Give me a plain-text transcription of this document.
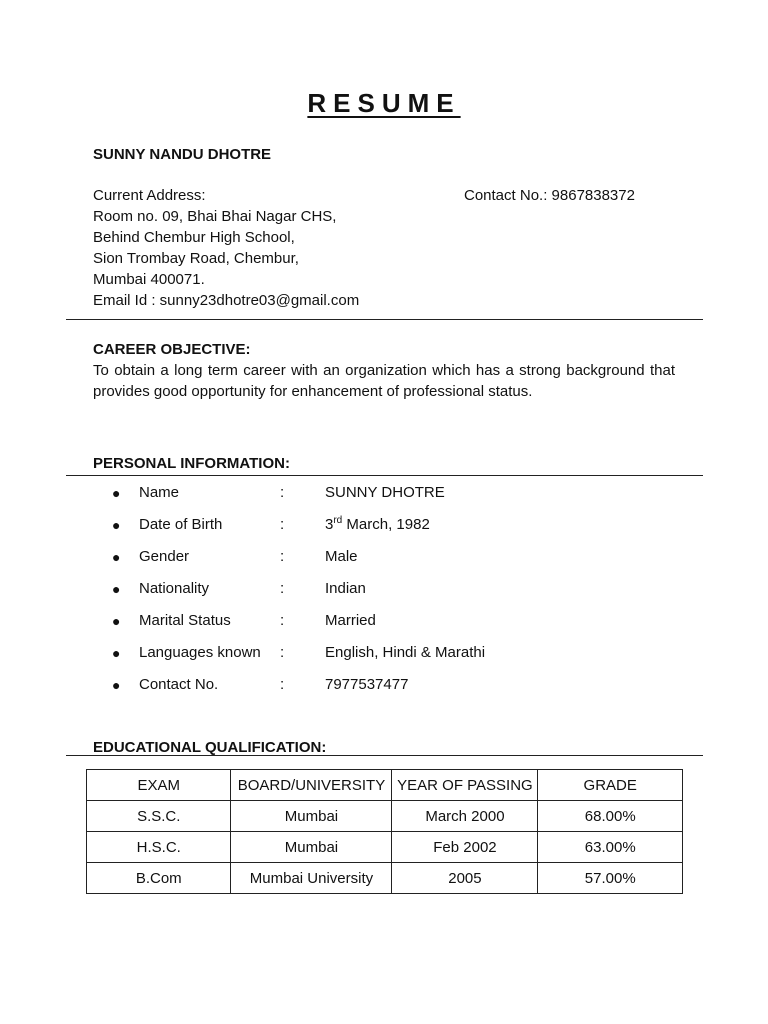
RESUME
SUNNY NANDU DHOTRE
Current Address:
Room no. 09, Bhai Bhai Nagar CHS,
Behind Chembur High School,
Sion Trombay Road, Chembur,
Mumbai 400071.
Email Id : sunny23dhotre03@gmail.com
Contact No.: 9867838372
CAREER OBJECTIVE:
To obtain a long term career with an organization which has a strong background that provides good opportunity for enhancement of professional status.
PERSONAL INFORMATION:
● Name	:	SUNNY DHOTRE
● Date of Birth	:	3rd March, 1982
● Gender	:	Male
● Nationality	:	Indian
● Marital Status	:	Married
● Languages known :	English, Hindi & Marathi
● Contact No.	:	7977537477
EDUCATIONAL QUALIFICATION:
EXAM	BOARD/UNIVERSITY	YEAR OF PASSING	GRADE
S.S.C.	Mumbai	March 2000	68.00%
H.S.C.	Mumbai	Feb 2002	63.00%
B.Com	Mumbai University	2005	57.00%
